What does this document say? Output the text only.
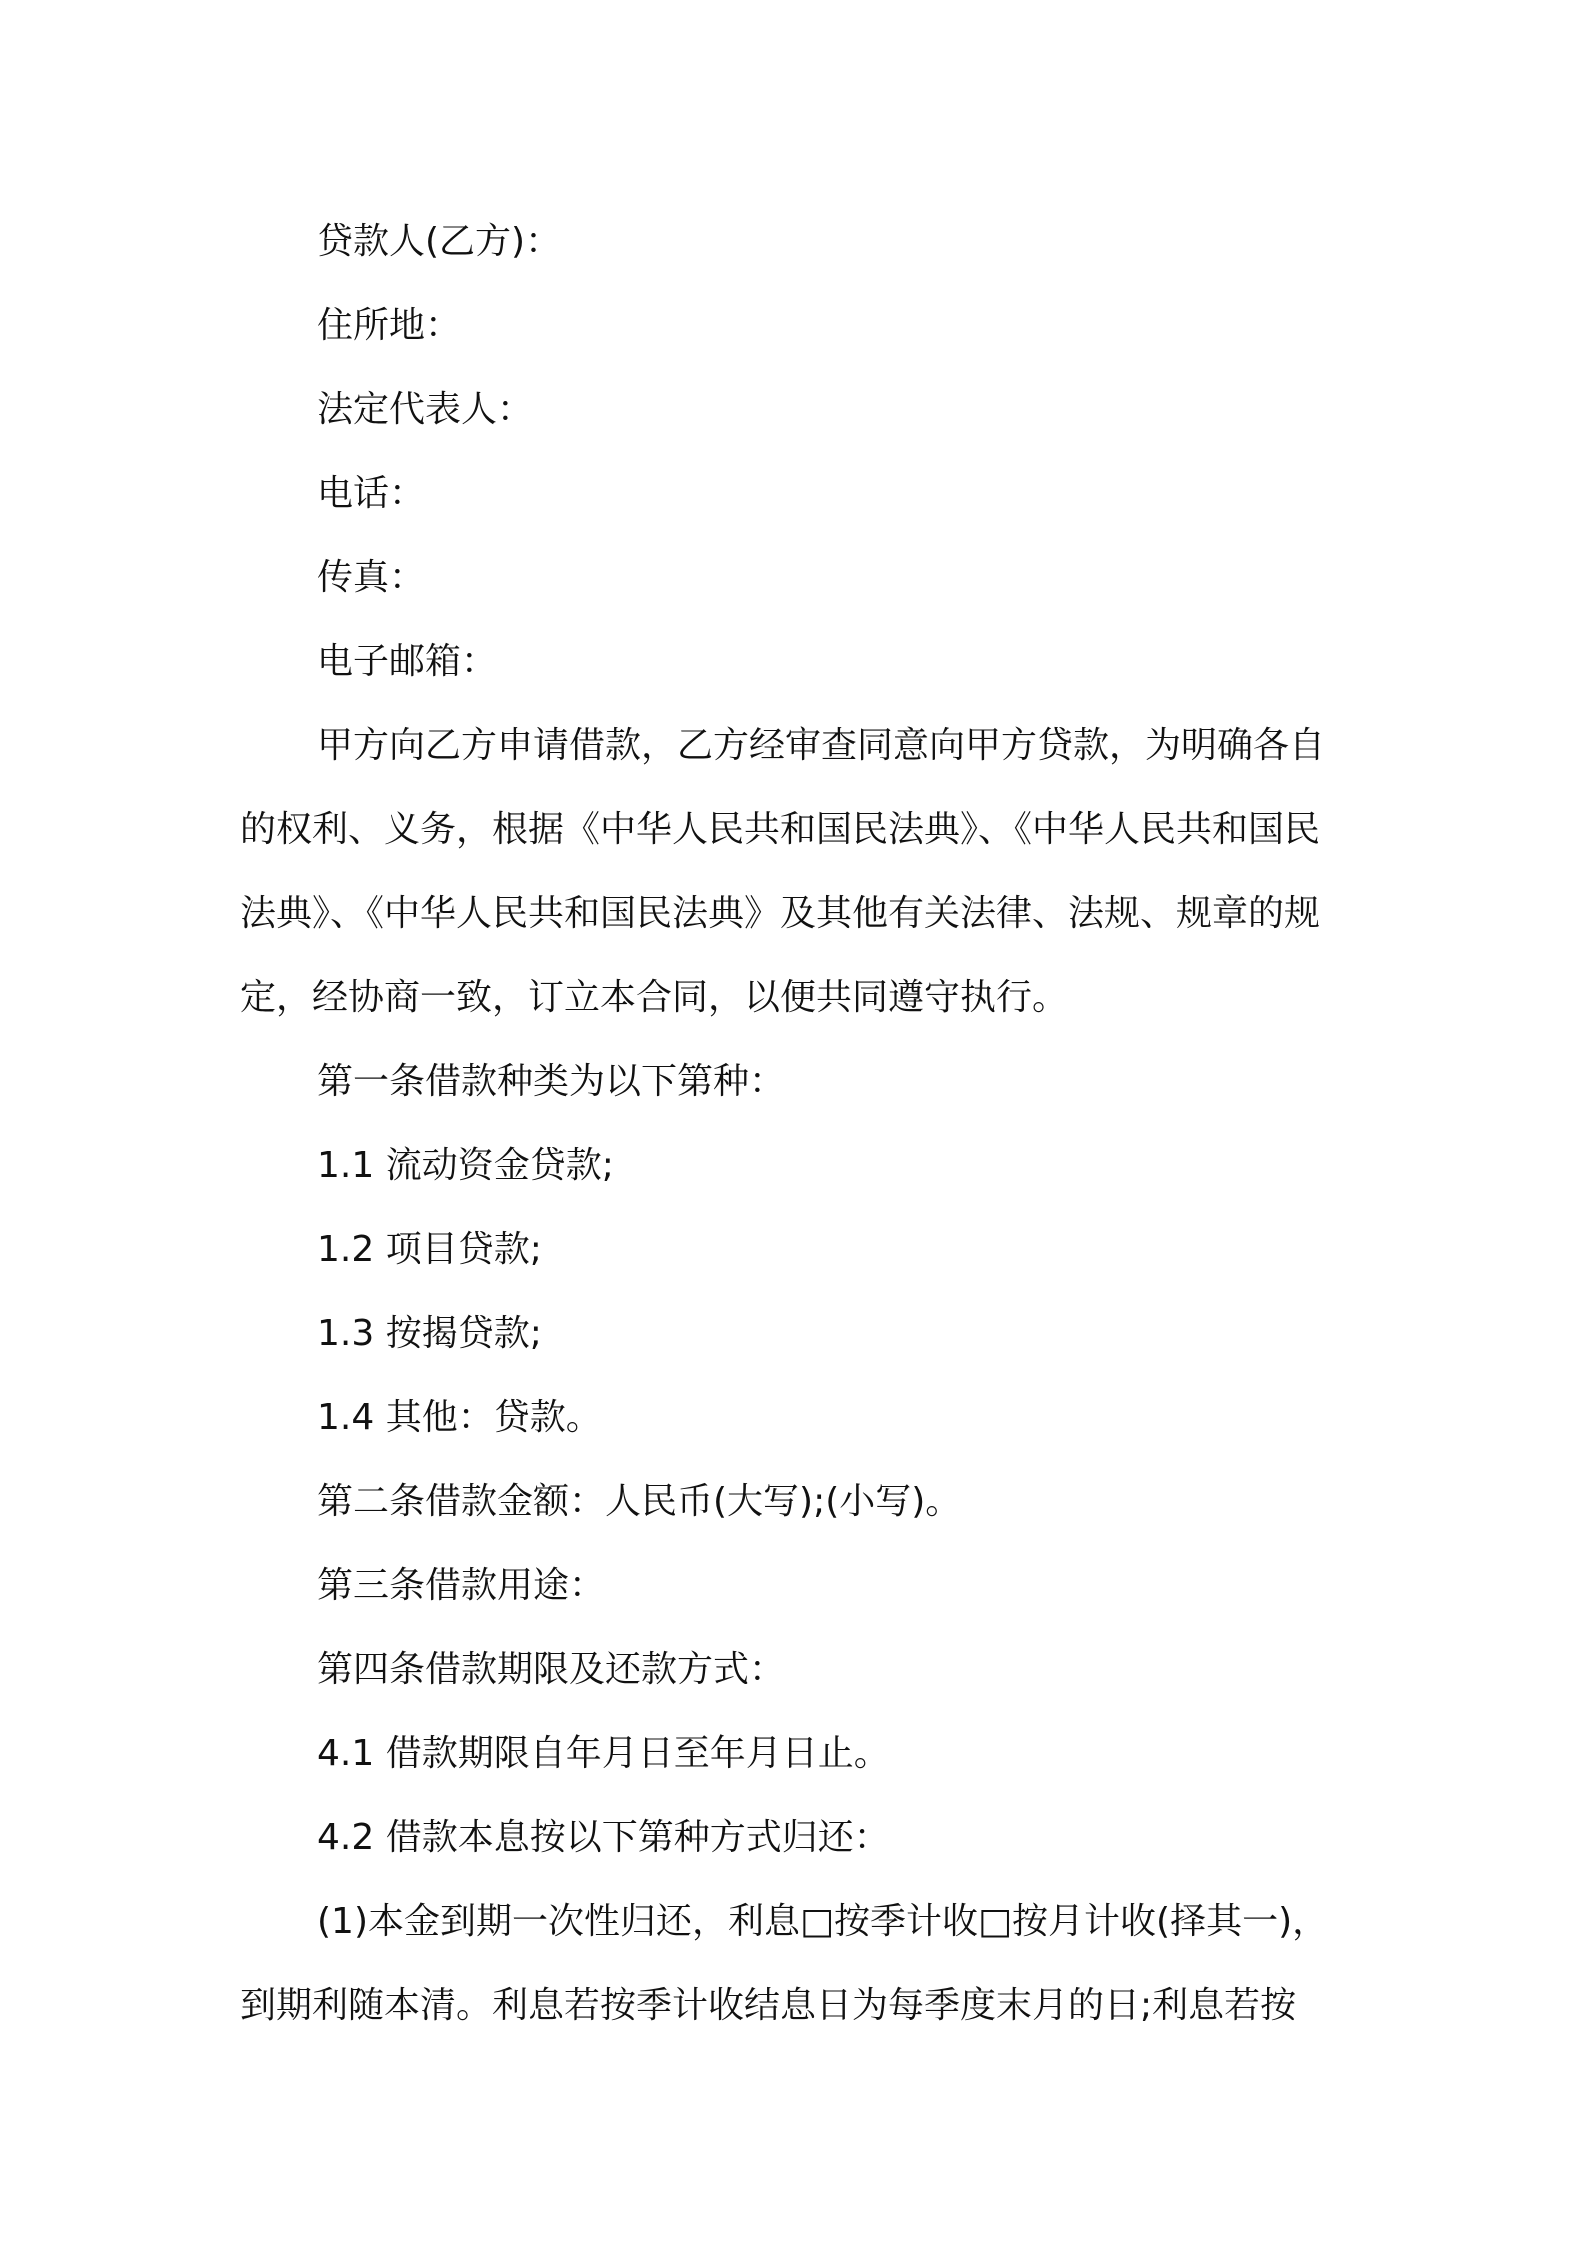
贷款人(乙方)：
住所地：
法定代表人：
电话：
传真：
电子邮箱：
甲方向乙方申请借款，乙方经审查同意向甲方贷款，为明确各自
的权利、义务，根据《中华人民共和国民法典》、《中华人民共和国民
法典》、《中华人民共和国民法典》及其他有关法律、法规、规章的规
定，经协商一致，订立本合同，以便共同遵守执行。
第一条借款种类为以下第种：
1.1 流动资金贷款;
1.2 项目贷款;
1.3 按揭贷款;
1.4 其他：贷款。
第二条借款金额：人民币(大写);(小写)。
第三条借款用途：
第四条借款期限及还款方式：
4.1 借款期限自年月日至年月日止。
4.2 借款本息按以下第种方式归还：
(1)本金到期一次性归还，利息□按季计收□按月计收(择其一)，
到期利随本清。利息若按季计收结息日为每季度末月的日;利息若按
